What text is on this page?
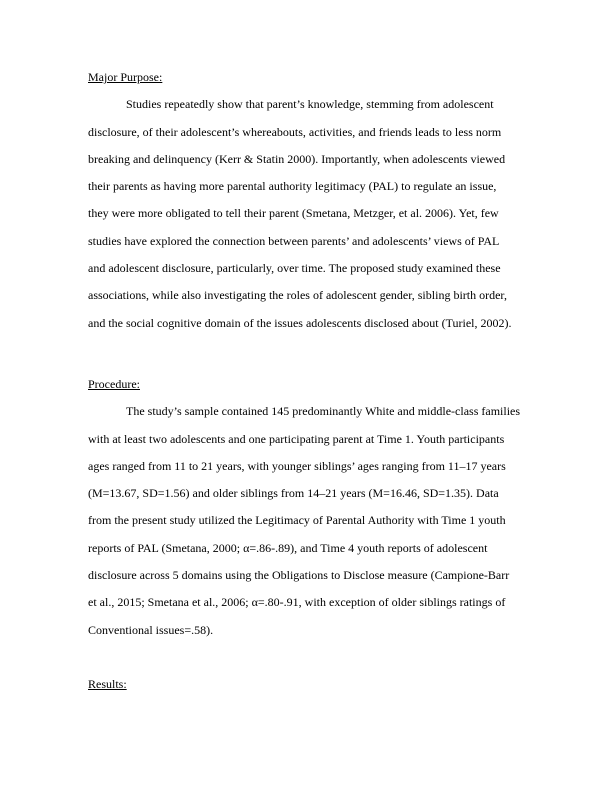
Major Purpose:
Studies repeatedly show that parent’s knowledge, stemming from adolescent
disclosure, of their adolescent’s whereabouts, activities, and friends leads to less norm
breaking and delinquency (Kerr & Statin 2000). Importantly, when adolescents viewed
their parents as having more parental authority legitimacy (PAL) to regulate an issue,
they were more obligated to tell their parent (Smetana, Metzger, et al. 2006). Yet, few
studies have explored the connection between parents’ and adolescents’ views of PAL
and adolescent disclosure, particularly, over time. The proposed study examined these
associations, while also investigating the roles of adolescent gender, sibling birth order,
and the social cognitive domain of the issues adolescents disclosed about (Turiel, 2002).
Procedure:
The study’s sample contained 145 predominantly White and middle-class families
with at least two adolescents and one participating parent at Time 1. Youth participants
ages ranged from 11 to 21 years, with younger siblings’ ages ranging from 11–17 years
(M=13.67, SD=1.56) and older siblings from 14–21 years (M=16.46, SD=1.35). Data
from the present study utilized the Legitimacy of Parental Authority with Time 1 youth
reports of PAL (Smetana, 2000; α=.86-.89), and Time 4 youth reports of adolescent
disclosure across 5 domains using the Obligations to Disclose measure (Campione-Barr
et al., 2015; Smetana et al., 2006; α=.80-.91, with exception of older siblings ratings of
Conventional issues=.58).
Results:
